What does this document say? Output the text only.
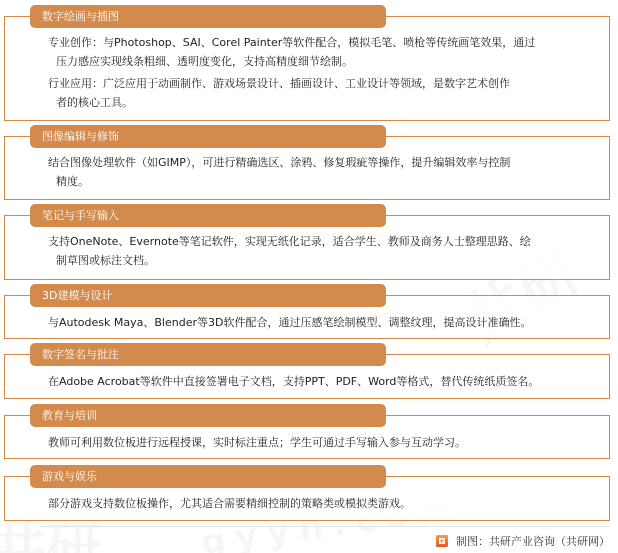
数字绘画与插图

专业创作：与Photoshop、SAI、Corel Painter等软件配合，模拟毛笔、喷枪等传统画笔效果，通过
压力感应实现线条粗细、透明度变化，支持高精度细节绘制。

行业应用：广泛应用于动画制作、游戏场景设计、插画设计、工业设计等领域，是数字艺术创作
者的核心工具。

图像编辑与修饰

结合图像处理软件（如GIMP），可进行精确选区、涂鸦、修复瑕疵等操作，提升编辑效率与控制
精度。

笔记与手写输入

支持OneNote、Evernote等笔记软件，实现无纸化记录，适合学生、教师及商务人士整理思路、绘
制草图或标注文档。

3D建模与设计

与Autodesk Maya、Blender等3D软件配合，通过压感笔绘制模型、调整纹理，提高设计准确性。

数字签名与批注

在Adobe Acrobat等软件中直接签署电子文档，支持PPT、PDF、Word等格式，替代传统纸质签名。

教育与培训

教师可利用数位板进行远程授课，实时标注重点；学生可通过手写输入参与互动学习。

游戏与娱乐

部分游戏支持数位板操作，尤其适合需要精细控制的策略类或模拟类游戏。

制图：共研产业咨询（共研网）
